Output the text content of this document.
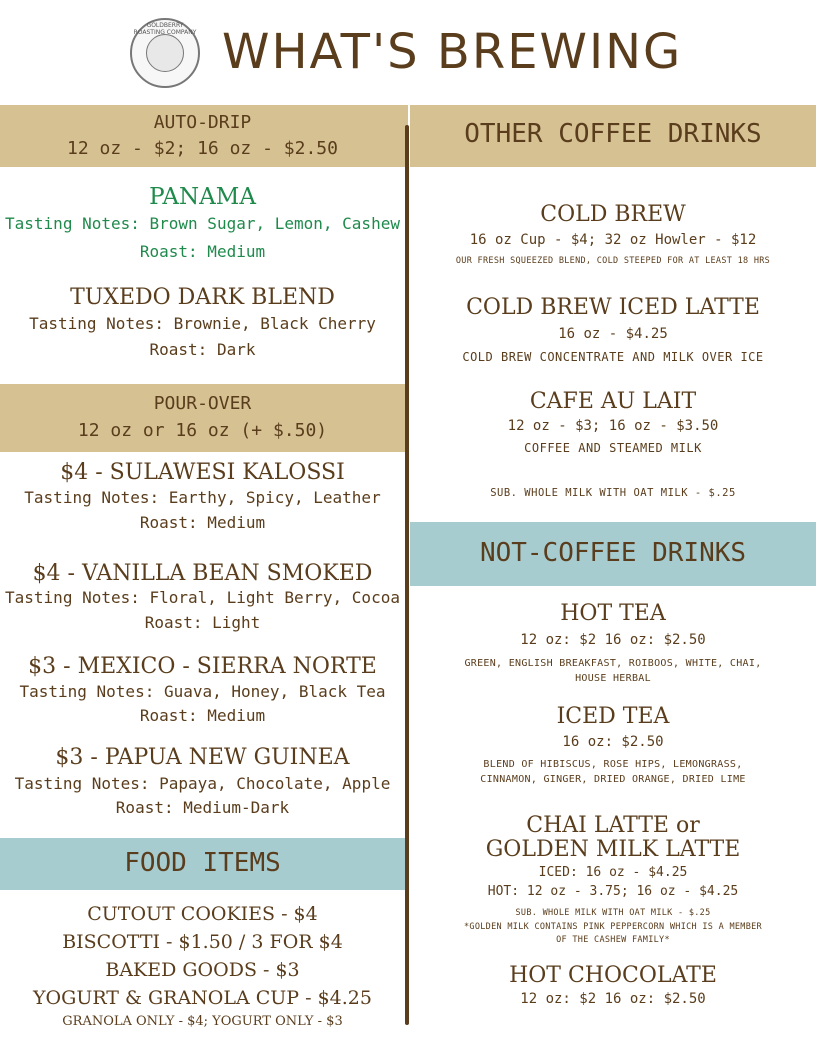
GOLDBERRY ROASTING COMPANY WHAT'S BREWING
AUTO-DRIP
12 oz - $2; 16 oz - $2.50
PANAMA
Tasting Notes: Brown Sugar, Lemon, Cashew
Roast: Medium
TUXEDO DARK BLEND
Tasting Notes: Brownie, Black Cherry
Roast: Dark
POUR-OVER
12 oz or 16 oz (+ $.50)
$4 - SULAWESI KALOSSI
Tasting Notes: Earthy, Spicy, Leather
Roast: Medium
$4 - VANILLA BEAN SMOKED
Tasting Notes: Floral, Light Berry, Cocoa
Roast: Light
$3 - MEXICO - SIERRA NORTE
Tasting Notes: Guava, Honey, Black Tea
Roast: Medium
$3 - PAPUA NEW GUINEA
Tasting Notes: Papaya, Chocolate, Apple
Roast: Medium-Dark
FOOD ITEMS
CUTOUT COOKIES - $4
BISCOTTI - $1.50 / 3 FOR $4
BAKED GOODS - $3
YOGURT & GRANOLA CUP - $4.25
GRANOLA ONLY - $4; YOGURT ONLY - $3
OTHER COFFEE DRINKS
COLD BREW
16 oz Cup - $4; 32 oz Howler - $12
OUR FRESH SQUEEZED BLEND, COLD STEEPED FOR AT LEAST 18 HRS
COLD BREW ICED LATTE
16 oz - $4.25
COLD BREW CONCENTRATE AND MILK OVER ICE
CAFE AU LAIT
12 oz - $3; 16 oz - $3.50
COFFEE AND STEAMED MILK
SUB. WHOLE MILK WITH OAT MILK - $.25
NOT-COFFEE DRINKS
HOT TEA
12 oz: $2 16 oz: $2.50
GREEN, ENGLISH BREAKFAST, ROIBOOS, WHITE, CHAI,
HOUSE HERBAL
ICED TEA
16 oz: $2.50
BLEND OF HIBISCUS, ROSE HIPS, LEMONGRASS,
CINNAMON, GINGER, DRIED ORANGE, DRIED LIME
CHAI LATTE or
GOLDEN MILK LATTE
ICED: 16 oz - $4.25
HOT: 12 oz - 3.75; 16 oz - $4.25
SUB. WHOLE MILK WITH OAT MILK - $.25
*GOLDEN MILK CONTAINS PINK PEPPERCORN WHICH IS A MEMBER
OF THE CASHEW FAMILY*
HOT CHOCOLATE
12 oz: $2 16 oz: $2.50
